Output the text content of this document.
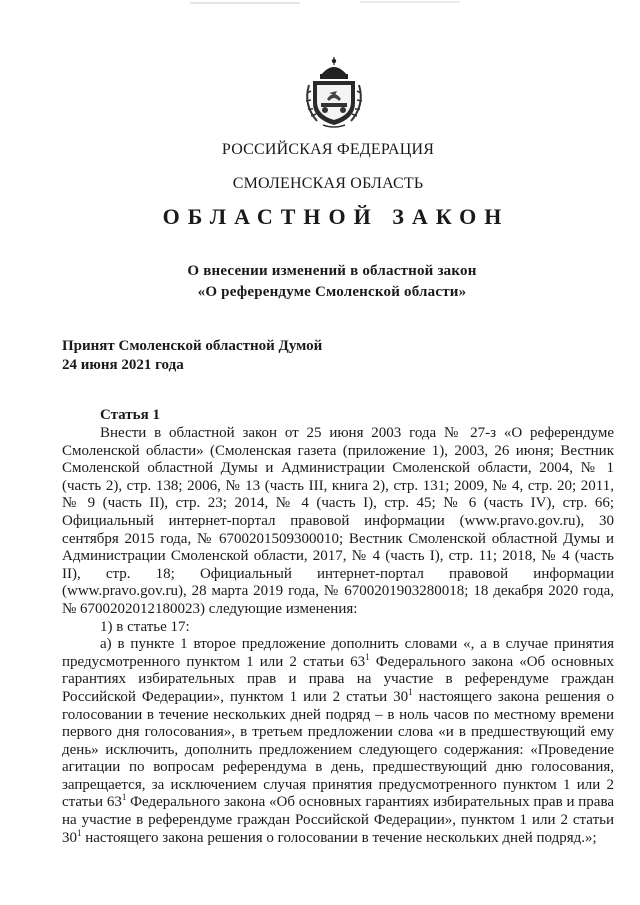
РОССИЙСКАЯ ФЕДЕРАЦИЯ
СМОЛЕНСКАЯ ОБЛАСТЬ
ОБЛАСТНОЙ ЗАКОН
О внесении изменений в областной закон
«О референдуме Смоленской области»
Принят Смоленской областной Думой
24 июня 2021 года
Статья 1

Внести в областной закон от 25 июня 2003 года № 27-з «О референдуме Смоленской области» (Смоленская газета (приложение 1), 2003, 26 июня; Вестник Смоленской областной Думы и Администрации Смоленской области, 2004, № 1 (часть 2), стр. 138; 2006, № 13 (часть III, книга 2), стр. 131; 2009, № 4, стр. 20; 2011, № 9 (часть II), стр. 23; 2014, № 4 (часть I), стр. 45; № 6 (часть IV), стр. 66; Официальный интернет-портал правовой информации (www.pravo.gov.ru), 30 сентября 2015 года, № 6700201509300010; Вестник Смоленской областной Думы и Администрации Смоленской области, 2017, № 4 (часть I), стр. 11; 2018, № 4 (часть II), стр. 18; Официальный интернет-портал правовой информации (www.pravo.gov.ru), 28 марта 2019 года, № 6700201903280018; 18 декабря 2020 года, № 6700202012180023) следующие изменения:

1) в статье 17:

а) в пункте 1 второе предложение дополнить словами «, а в случае принятия предусмотренного пунктом 1 или 2 статьи $63^1$ Федерального закона «Об основных гарантиях избирательных прав и права на участие в референдуме граждан Российской Федерации», пунктом 1 или 2 статьи $30^1$ настоящего закона решения о голосовании в течение нескольких дней подряд – в ноль часов по местному времени первого дня голосования», в третьем предложении слова «и в предшествующий ему день» исключить, дополнить предложением следующего содержания: «Проведение агитации по вопросам референдума в день, предшествующий дню голосования, запрещается, за исключением случая принятия предусмотренного пунктом 1 или 2 статьи $63^1$ Федерального закона «Об основных гарантиях избирательных прав и права на участие в референдуме граждан Российской Федерации», пунктом 1 или 2 статьи $30^1$ настоящего закона решения о голосовании в течение нескольких дней подряд.»;
